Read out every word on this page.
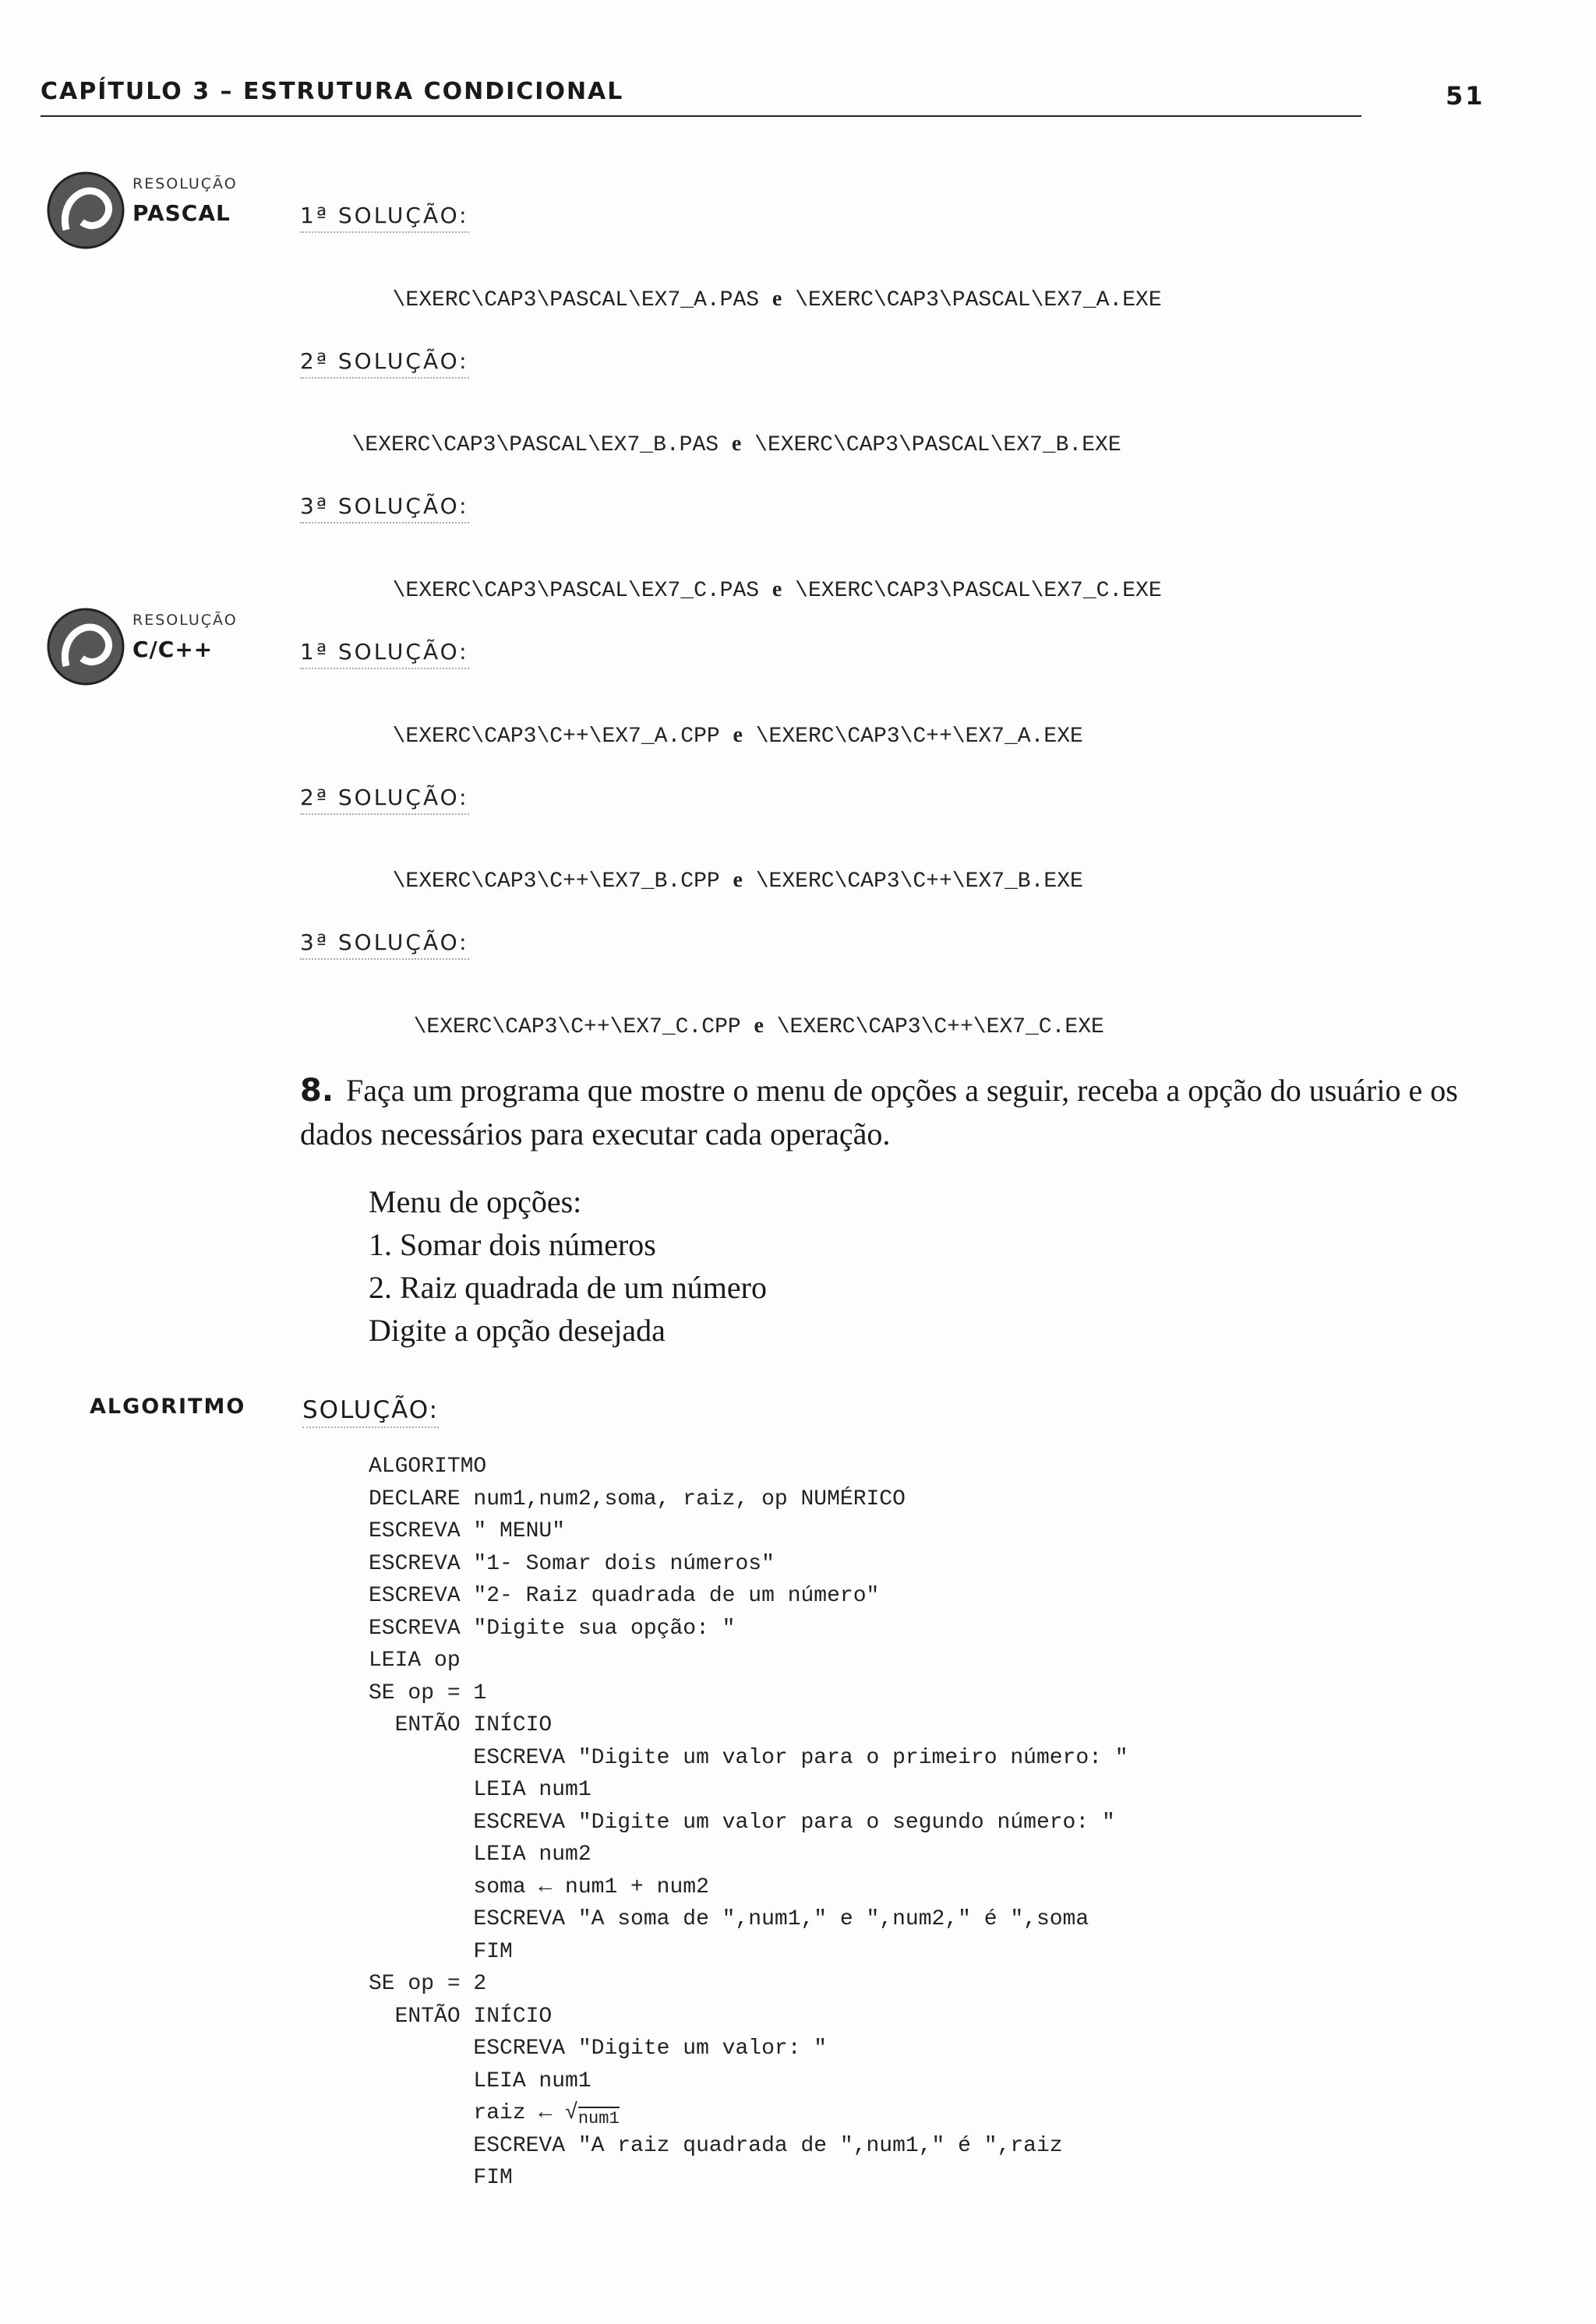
CAPÍTULO 3 – ESTRUTURA CONDICIONAL	51
RESOLUÇÃO
PASCAL	1ª SOLUÇÃO:

\EXERC\CAP3\PASCAL\EX7_A.PAS e \EXERC\CAP3\PASCAL\EX7_A.EXE

2ª SOLUÇÃO:

\EXERC\CAP3\PASCAL\EX7_B.PAS e \EXERC\CAP3\PASCAL\EX7_B.EXE

3ª SOLUÇÃO:

\EXERC\CAP3\PASCAL\EX7_C.PAS e \EXERC\CAP3\PASCAL\EX7_C.EXE

RESOLUÇÃO
C/C++	1ª SOLUÇÃO:

\EXERC\CAP3\C++\EX7_A.CPP e \EXERC\CAP3\C++\EX7_A.EXE

2ª SOLUÇÃO:

\EXERC\CAP3\C++\EX7_B.CPP e \EXERC\CAP3\C++\EX7_B.EXE

3ª SOLUÇÃO:

\EXERC\CAP3\C++\EX7_C.CPP e \EXERC\CAP3\C++\EX7_C.EXE

8. Faça um programa que mostre o menu de opções a seguir, receba a opção do usuário e os dados necessários para executar cada operação.
Menu de opções:
1. Somar dois números
2. Raiz quadrada de um número
Digite a opção desejada
ALGORITMO SOLUÇÃO:
ALGORITMO
DECLARE num1,num2,soma, raiz, op NUMÉRICO
ESCREVA " MENU"
ESCREVA "1- Somar dois números"
ESCREVA "2- Raiz quadrada de um número"
ESCREVA "Digite sua opção: "
LEIA op
SE op = 1
ENTÃO INÍCIO
ESCREVA "Digite um valor para o primeiro número: "
LEIA num1
ESCREVA "Digite um valor para o segundo número: "
LEIA num2
soma ← num1 + num2
ESCREVA "A soma de ",num1," e ",num2," é ",soma
FIM
SE op = 2
ENTÃO INÍCIO
ESCREVA "Digite um valor: "
LEIA num1
raiz ← $√_{num1}$
ESCREVA "A raiz quadrada de ",num1," é ",raiz
FIM
